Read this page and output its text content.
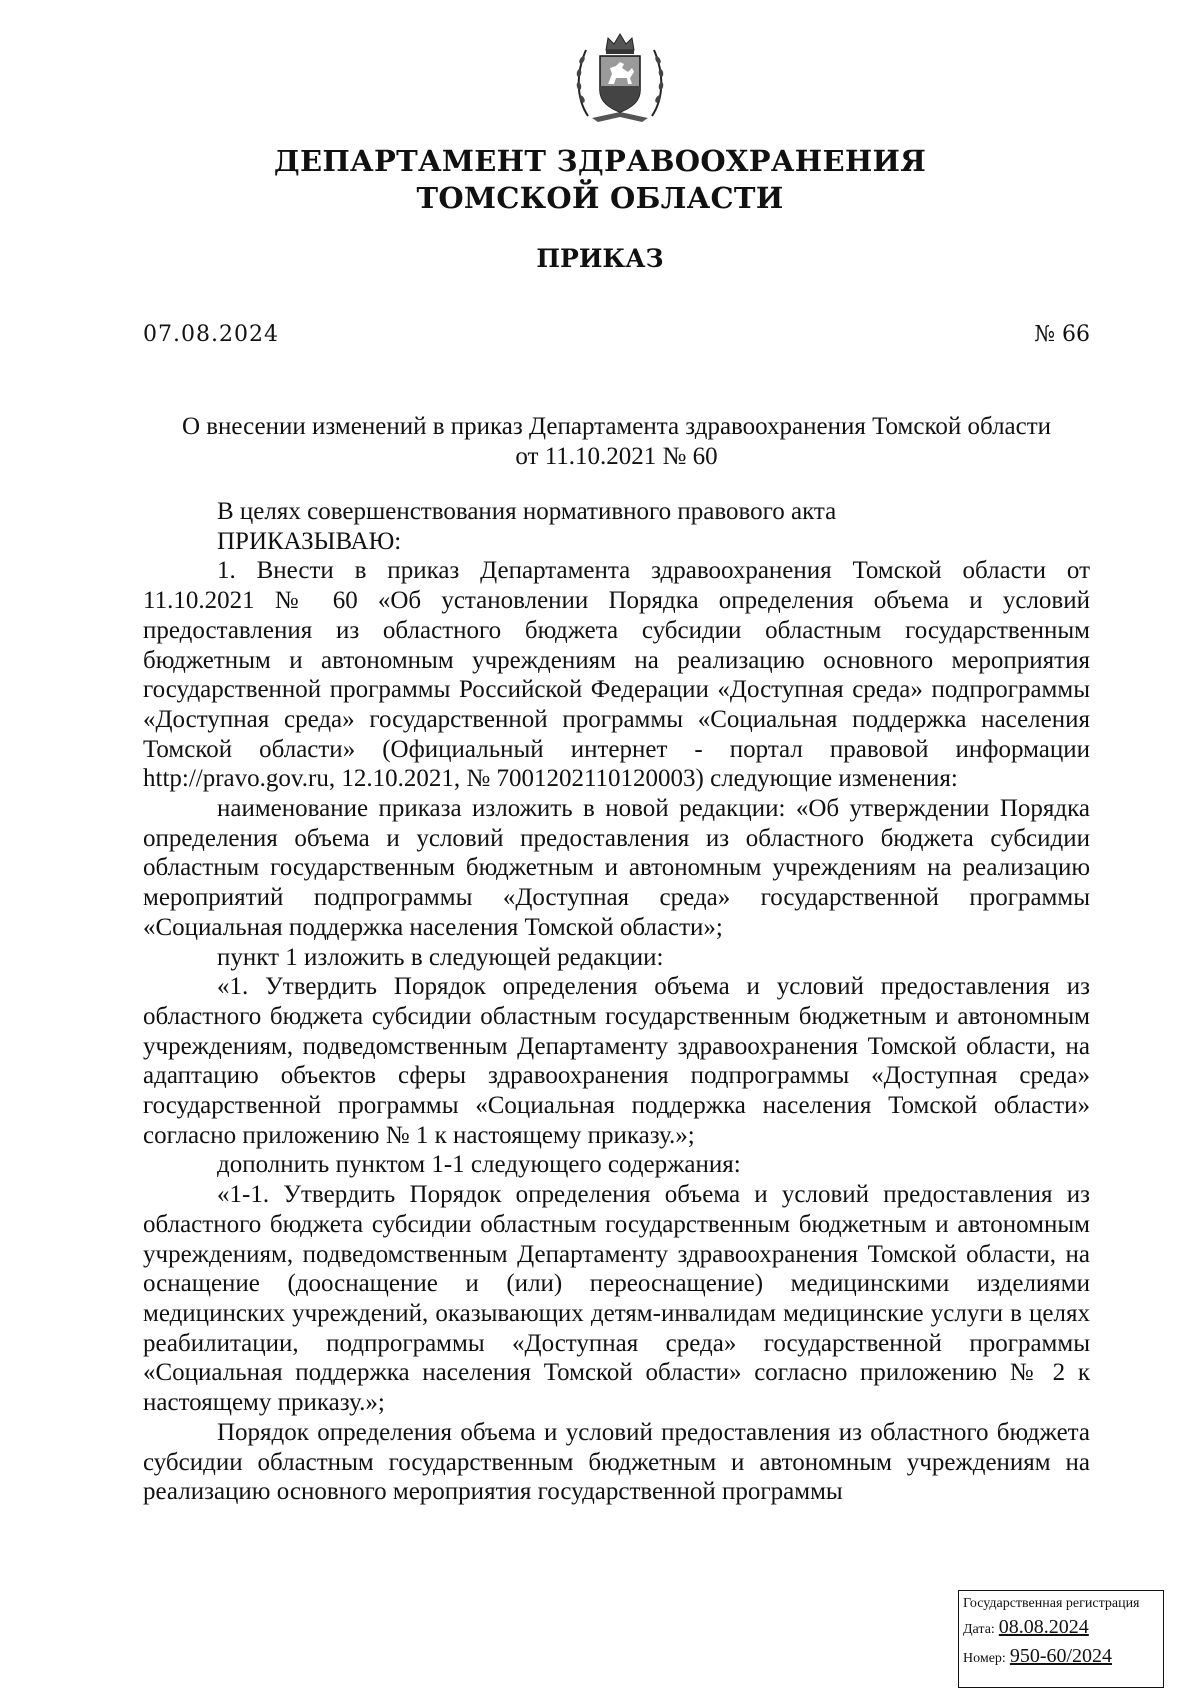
ДЕПАРТАМЕНТ ЗДРАВООХРАНЕНИЯ
ТОМСКОЙ ОБЛАСТИ
ПРИКАЗ
07.08.2024	№ 66
О внесении изменений в приказ Департамента здравоохранения Томской области
от 11.10.2021 № 60

В целях совершенствования нормативного правового акта

ПРИКАЗЫВАЮ:

1. Внести в приказ Департамента здравоохранения Томской области от 11.10.2021 № 60 «Об установлении Порядка определения объема и условий предоставления из областного бюджета субсидии областным государственным бюджетным и автономным учреждениям на реализацию основного мероприятия государственной программы Российской Федерации «Доступная среда» подпрограммы «Доступная среда» государственной программы «Социальная поддержка населения Томской области» (Официальный интернет - портал правовой информации http://pravo.gov.ru, 12.10.2021, № 7001202110120003) следующие изменения:

наименование приказа изложить в новой редакции: «Об утверждении Порядка определения объема и условий предоставления из областного бюджета субсидии областным государственным бюджетным и автономным учреждениям на реализацию мероприятий подпрограммы «Доступная среда» государственной программы «Социальная поддержка населения Томской области»;

пункт 1 изложить в следующей редакции:

«1. Утвердить Порядок определения объема и условий предоставления из областного бюджета субсидии областным государственным бюджетным и автономным учреждениям, подведомственным Департаменту здравоохранения Томской области, на адаптацию объектов сферы здравоохранения подпрограммы «Доступная среда» государственной программы «Социальная поддержка населения Томской области» согласно приложению № 1 к настоящему приказу.»;

дополнить пунктом 1-1 следующего содержания:

«1-1. Утвердить Порядок определения объема и условий предоставления из областного бюджета субсидии областным государственным бюджетным и автономным учреждениям, подведомственным Департаменту здравоохранения Томской области, на оснащение (дооснащение и (или) переоснащение) медицинскими изделиями медицинских учреждений, оказывающих детям-инвалидам медицинские услуги в целях реабилитации, подпрограммы «Доступная среда» государственной программы «Социальная поддержка населения Томской области» согласно приложению № 2 к настоящему приказу.»;

Порядок определения объема и условий предоставления из областного бюджета субсидии областным государственным бюджетным и автономным учреждениям на реализацию основного мероприятия государственной программы

Государственная регистрация
Дата: 08.08.2024
Номер: 950-60/2024
